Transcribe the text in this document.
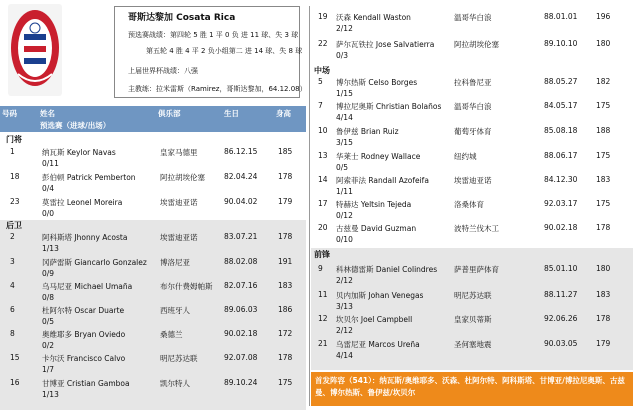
哥斯达黎加 Cosata Rica
预选赛战绩：第四轮 5 胜 1 平 0 负 进 11 球、失 3 球
第五轮 4 胜 4 平 2 负小组第二 进 14 球、失 8 球
上届世界杯战绩：八强
主教练：拉米雷斯（Ramirez，哥斯达黎加，64.12.08）
号码	姓名
预选赛（进球/出场）
俱乐部	生日	身高
门将
1	纳瓦斯 Keylor Navas
0/11
皇家马德里	86.12.15	185
18	彭伯顿 Patrick Pemberton
0/4
阿拉胡埃伦塞	82.04.24	178
23	莫雷拉 Leonel Moreira
0/0
埃雷迪亚诺	90.04.02	179
后卫
2	阿科斯塔 Jhonny Acosta
1/13
埃雷迪亚诺	83.07.21	178
3	冈萨雷斯 Giancarlo Gonzalez
0/9
博洛尼亚	88.02.08	191
4	乌马尼亚 Michael Umaña
0/8
布尔什费姆帕斯 82.07.16	183
6	杜阿尔特 Oscar Duarte
0/5
西班牙人	89.06.03	186
8	奥维耶多 Bryan Oviedo
0/2
桑德兰	90.02.18	172
15	卡尔沃 Francisco Calvo
1/7
明尼苏达联	92.07.08	178
16	甘博亚 Cristian Gamboa
1/13
凯尔特人	89.10.24	175
19 沃森 Kendall Waston
2/12
温哥华白浪	88.01.01 196
22 萨尔瓦铁拉 Jose Salvatierra
0/3
阿拉胡埃伦塞	89.10.10 180
中场
5 博尔热斯 Celso Borges
1/15
拉科鲁尼亚	88.05.27 182
7 博拉尼奥斯 Christian Bolaños
4/14
温哥华白浪	84.05.17 175
10 鲁伊兹 Brian Ruiz
3/15
葡萄牙体育	85.08.18 188
13 华莱士 Rodney Wallace
0/5
纽约城	88.06.17 175
14 阿索菲法 Randall Azofeifa
1/11
埃雷迪亚诺	84.12.30 183
17 特赫达 Yeltsin Tejeda
0/12
洛桑体育	92.03.17 175
20 古兹曼 David Guzman
0/10
波特兰伐木工	90.02.18 178
前锋
9 科林德雷斯 Daniel Colindres
2/12
萨普里萨体育	85.01.10 180
11 贝内加斯 Johan Venegas
3/13
明尼苏达联	88.11.27 183
12 坎贝尔 Joel Campbell
2/12
皇家贝蒂斯	92.06.26 178
21 乌雷尼亚 Marcos Ureña
4/14
圣何塞地震	90.03.05 179
首发阵容（541）：纳瓦斯/奥维耶多、沃森、杜阿尔特、阿科斯塔、甘博亚/博拉尼奥斯、古兹曼、博尔热斯、鲁伊兹/坎贝尔
